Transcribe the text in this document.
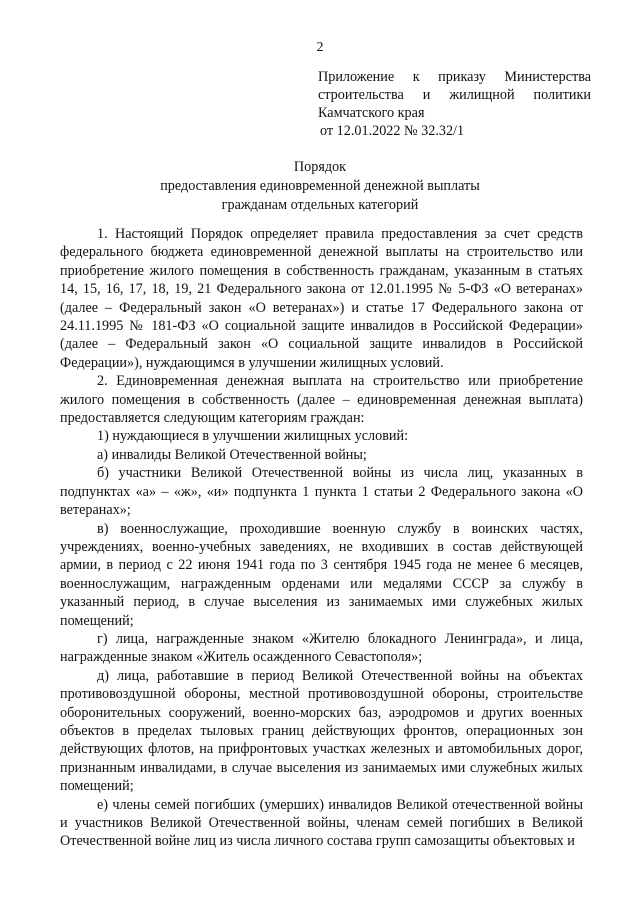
2
Приложение к приказу Министерства
строительства и жилищной политики
Камчатского края
от 12.01.2022 № 32.32/1
Порядок
предоставления единовременной денежной выплаты
гражданам отдельных категорий

1. Настоящий Порядок определяет правила предоставления за счет средств федерального бюджета единовременной денежной выплаты на строительство или приобретение жилого помещения в собственность гражданам, указанным в статьях 14, 15, 16, 17, 18, 19, 21 Федерального закона от 12.01.1995 № 5-ФЗ «О ветеранах» (далее – Федеральный закон «О ветеранах») и статье 17 Федерального закона от 24.11.1995 № 181-ФЗ «О социальной защите инвалидов в Российской Федерации» (далее – Федеральный закон «О социальной защите инвалидов в Российской Федерации»), нуждающимся в улучшении жилищных условий.

2. Единовременная денежная выплата на строительство или приобретение жилого помещения в собственность (далее – единовременная денежная выплата) предоставляется следующим категориям граждан:

1) нуждающиеся в улучшении жилищных условий:

а) инвалиды Великой Отечественной войны;

б) участники Великой Отечественной войны из числа лиц, указанных в подпунктах «а» – «ж», «и» подпункта 1 пункта 1 статьи 2 Федерального закона «О ветеранах»;

в) военнослужащие, проходившие военную службу в воинских частях, учреждениях, военно-учебных заведениях, не входивших в состав действующей армии, в период с 22 июня 1941 года по 3 сентября 1945 года не менее 6 месяцев, военнослужащим, награжденным орденами или медалями СССР за службу в указанный период, в случае выселения из занимаемых ими служебных жилых помещений;

г) лица, награжденные знаком «Жителю блокадного Ленинграда», и лица, награжденные знаком «Житель осажденного Севастополя»;

д) лица, работавшие в период Великой Отечественной войны на объектах противовоздушной обороны, местной противовоздушной обороны, строительстве оборонительных сооружений, военно-морских баз, аэродромов и других военных объектов в пределах тыловых границ действующих фронтов, операционных зон действующих флотов, на прифронтовых участках железных и автомобильных дорог, признанным инвалидами, в случае выселения из занимаемых ими служебных жилых помещений;

е) члены семей погибших (умерших) инвалидов Великой отечественной войны и участников Великой Отечественной войны, членам семей погибших в Великой Отечественной войне лиц из числа личного состава групп самозащиты объектовых и
